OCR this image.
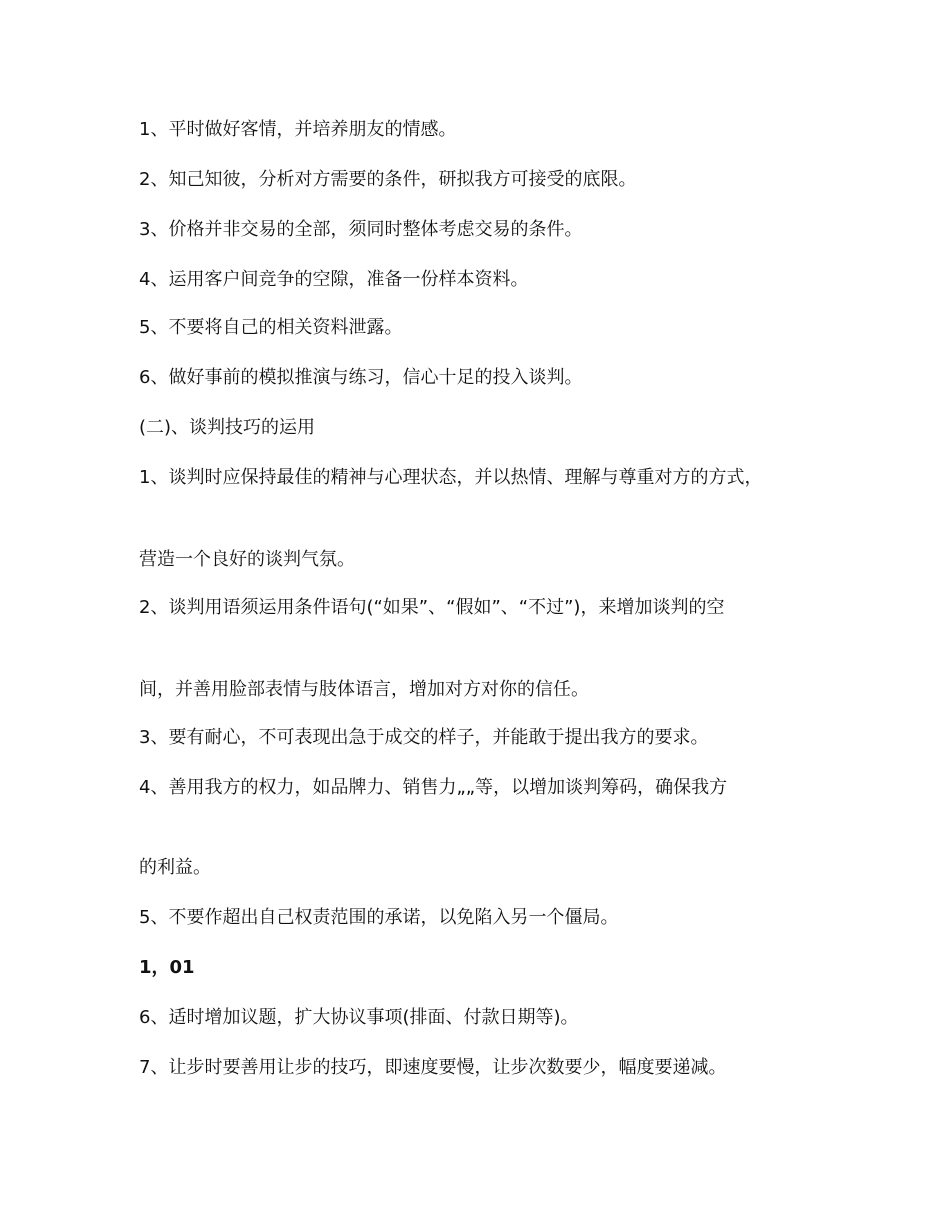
1、平时做好客情，并培养朋友的情感。
2、知己知彼，分析对方需要的条件，研拟我方可接受的底限。
3、价格并非交易的全部，须同时整体考虑交易的条件。
4、运用客户间竞争的空隙，准备一份样本资料。
5、不要将自己的相关资料泄露。
6、做好事前的模拟推演与练习，信心十足的投入谈判。
(二)、谈判技巧的运用
1、谈判时应保持最佳的精神与心理状态，并以热情、理解与尊重对方的方式，
营造一个良好的谈判气氛。
2、谈判用语须运用条件语句(“如果”、“假如”、“不过”)，来增加谈判的空
间，并善用脸部表情与肢体语言，增加对方对你的信任。
3、要有耐心，不可表现出急于成交的样子，并能敢于提出我方的要求。
4、善用我方的权力，如品牌力、销售力„„等，以增加谈判筹码，确保我方
的利益。
5、不要作超出自己权责范围的承诺，以免陷入另一个僵局。
1，01
6、适时增加议题，扩大协议事项(排面、付款日期等)。
7、让步时要善用让步的技巧，即速度要慢，让步次数要少，幅度要递减。
